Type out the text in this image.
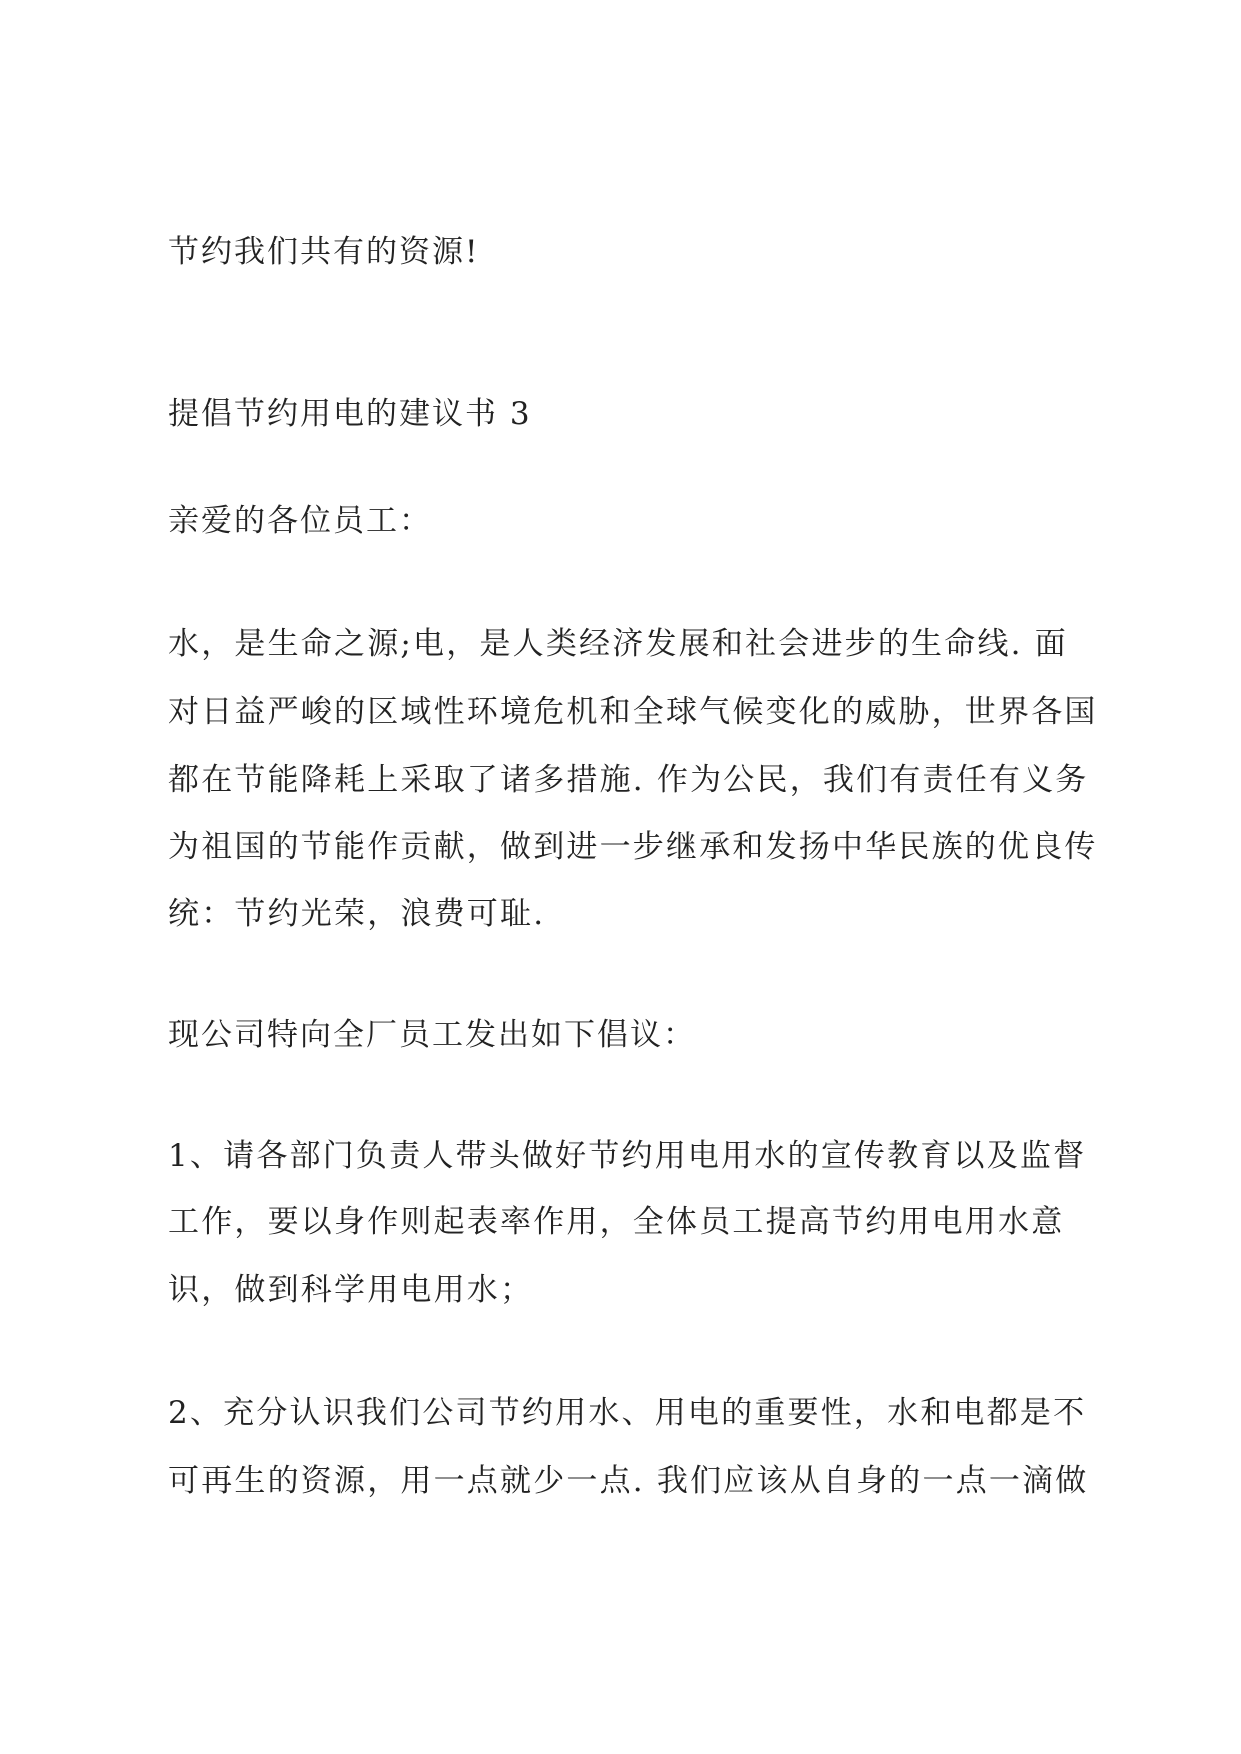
节约我们共有的资源!
提倡节约用电的建议书 3
亲爱的各位员工：
水，是生命之源;电，是人类经济发展和社会进步的生命线. 面
对日益严峻的区域性环境危机和全球气候变化的威胁，世界各国
都在节能降耗上采取了诸多措施. 作为公民，我们有责任有义务
为祖国的节能作贡献，做到进一步继承和发扬中华民族的优良传
统：节约光荣，浪费可耻.
现公司特向全厂员工发出如下倡议：
1、请各部门负责人带头做好节约用电用水的宣传教育以及监督
工作，要以身作则起表率作用，全体员工提高节约用电用水意
识，做到科学用电用水；
2、充分认识我们公司节约用水、用电的重要性，水和电都是不
可再生的资源，用一点就少一点. 我们应该从自身的一点一滴做
